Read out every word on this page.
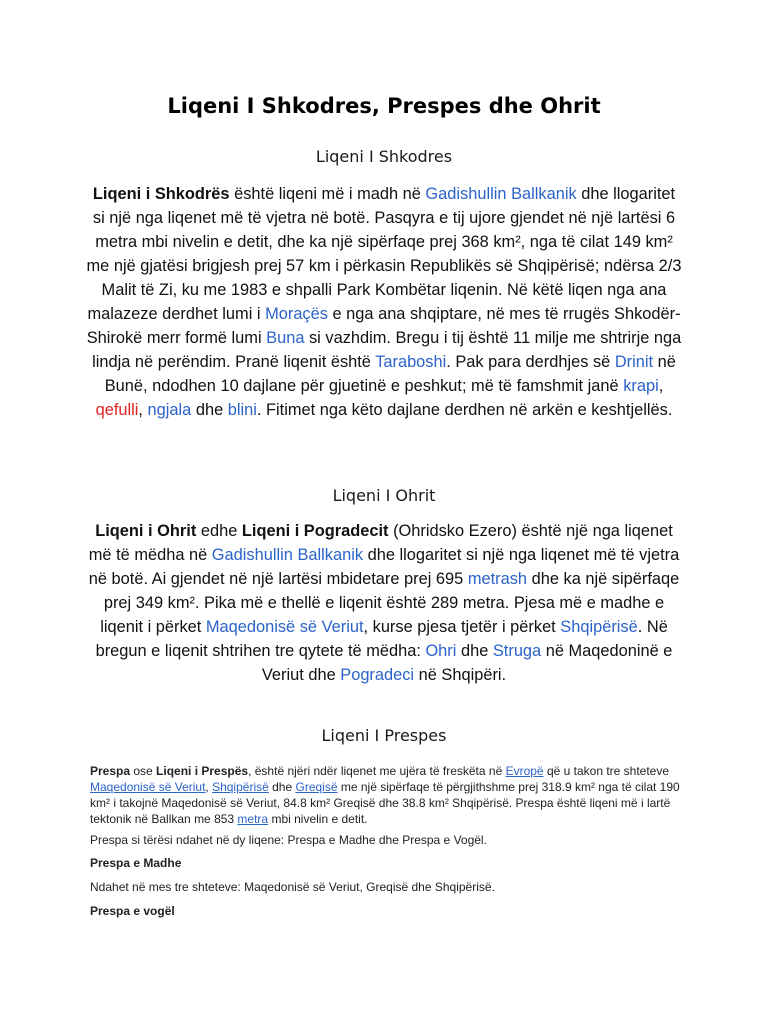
Liqeni I Shkodres, Prespes dhe Ohrit
Liqeni I Shkodres
Liqeni i Shkodrës është liqeni më i madh në Gadishullin Ballkanik dhe llogaritet si një nga liqenet më të vjetra në botë. Pasqyra e tij ujore gjendet në një lartësi 6 metra mbi nivelin e detit, dhe ka një sipërfaqe prej 368 km², nga të cilat 149 km² me një gjatësi brigjesh prej 57 km i përkasin Republikës së Shqipërisë; ndërsa 2/3 Malit të Zi, ku me 1983 e shpalli Park Kombëtar liqenin. Në këtë liqen nga ana malazeze derdhet lumi i Moraçës e nga ana shqiptare, në mes të rrugës Shkodër-Shirokë merr formë lumi Buna si vazhdim. Bregu i tij është 11 milje me shtrirje nga lindja në perëndim. Pranë liqenit është Taraboshi. Pak para derdhjes së Drinit në Bunë, ndodhen 10 dajlane për gjuetinë e peshkut; më të famshmit janë krapi, qefulli, ngjala dhe blini. Fitimet nga këto dajlane derdhen në arkën e keshtjellës.
Liqeni I Ohrit
Liqeni i Ohrit edhe Liqeni i Pogradecit (Ohridsko Ezero) është një nga liqenet më të mëdha në Gadishullin Ballkanik dhe llogaritet si një nga liqenet më të vjetra në botë. Ai gjendet në një lartësi mbidetare prej 695 metrash dhe ka një sipërfaqe prej 349 km². Pika më e thellë e liqenit është 289 metra. Pjesa më e madhe e liqenit i përket Maqedonisë së Veriut, kurse pjesa tjetër i përket Shqipërisë. Në bregun e liqenit shtrihen tre qytete të mëdha: Ohri dhe Struga në Maqedoninë e Veriut dhe Pogradeci në Shqipëri.
Liqeni I Prespes
Prespa ose Liqeni i Prespës, është njëri ndër liqenet me ujëra të freskëta në Evropë që u takon tre shteteve Maqedonisë së Veriut, Shqipërisë dhe Greqisë me një sipërfaqe të përgjithshme prej 318.9 km² nga të cilat 190 km² i takojnë Maqedonisë së Veriut, 84.8 km² Greqisë dhe 38.8 km² Shqipërisë. Prespa është liqeni më i lartë tektonik në Ballkan me 853 metra mbi nivelin e detit.
Prespa si tërësi ndahet në dy liqene: Prespa e Madhe dhe Prespa e Vogël.
Prespa e Madhe
Ndahet në mes tre shteteve: Maqedonisë së Veriut, Greqisë dhe Shqipërisë.
Prespa e vogël
